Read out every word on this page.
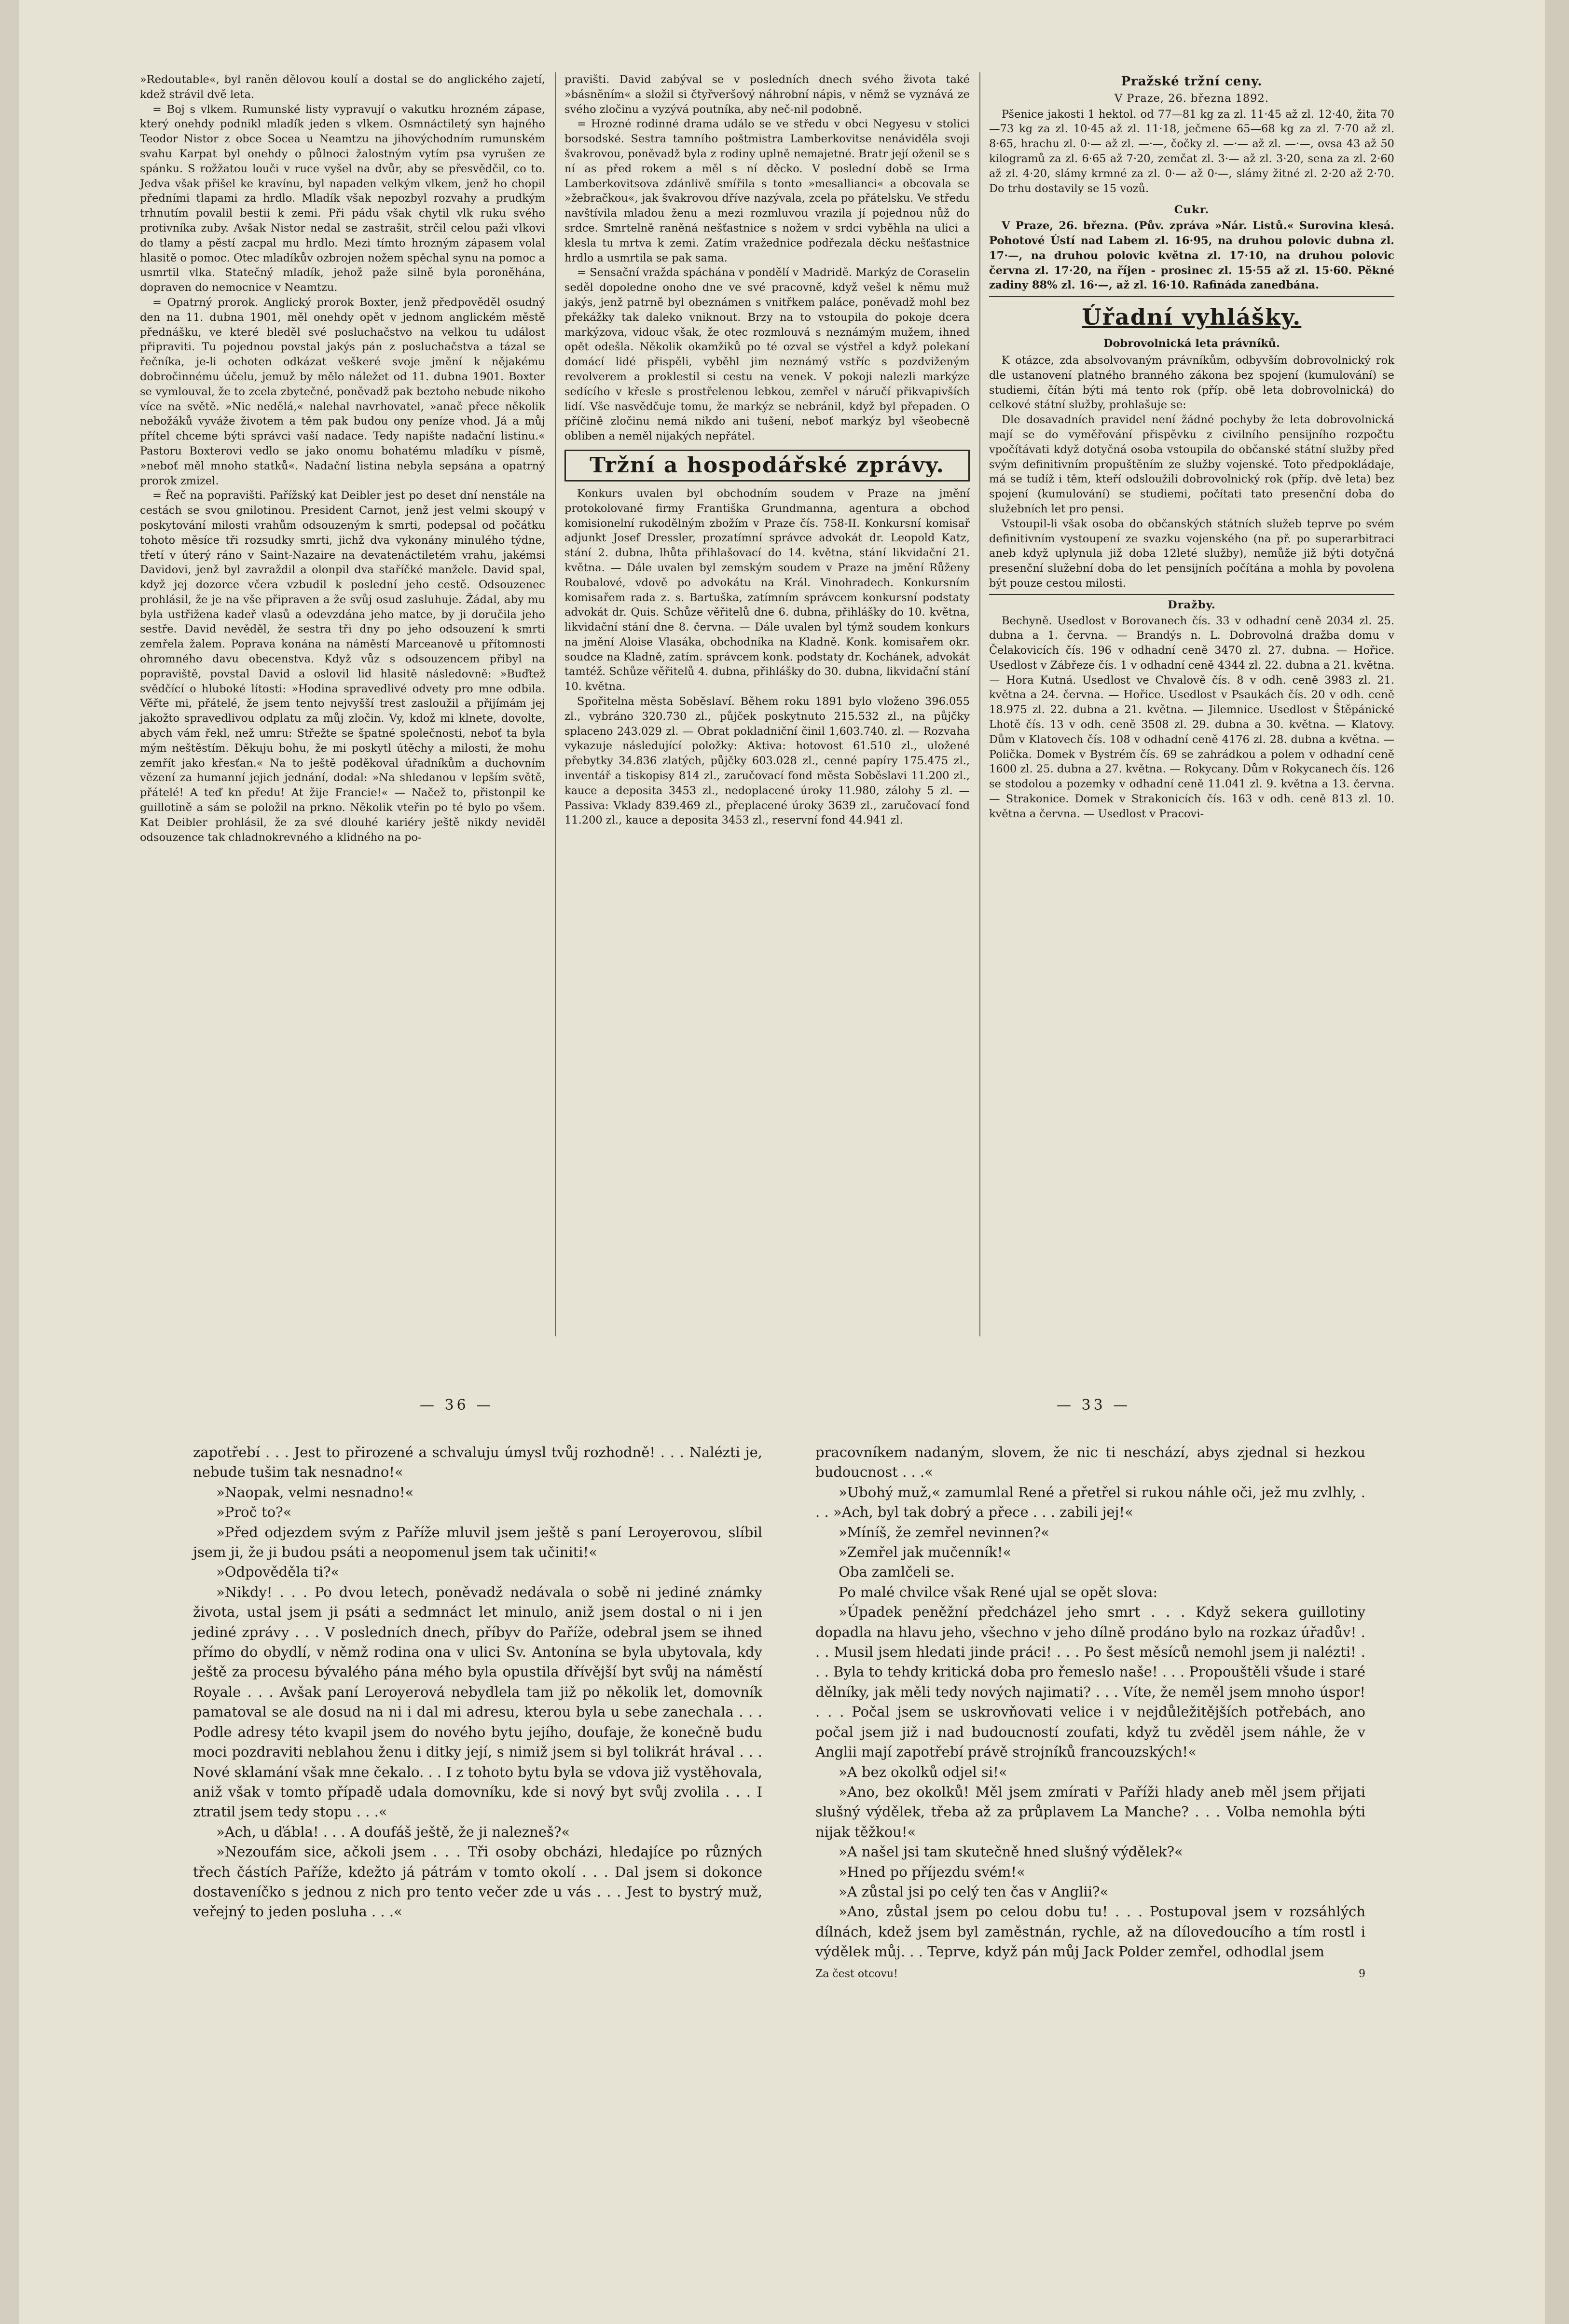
»Redoutable«, byl raněn dělovou koulí a dostal se do anglického zajetí, kdež strávil dvě leta.

= Boj s vlkem. Rumunské listy vypravují o vakutku hrozném zápase, který onehdy podnikl mladík jeden s vlkem. Osmnáctiletý syn hajného Teodor Nistor z obce Socea u Neamtzu na jihovýchodním rumunském svahu Karpat byl onehdy o půlnoci žalostným vytím psa vyrušen ze spánku. S rožžatou louči v ruce vyšel na dvůr, aby se přesvědčil, co to. Jedva však přišel ke kravínu, byl napaden velkým vlkem, jenž ho chopil předními tlapami za hrdlo. Mladík však nepozbyl rozvahy a prudkým trhnutím povalil bestii k zemi. Při pádu však chytil vlk ruku svého protivníka zuby. Avšak Nistor nedal se zastrašit, strčil celou paži vlkovi do tlamy a pěstí zacpal mu hrdlo. Mezi tímto hrozným zápasem volal hlasitě o pomoc. Otec mladíkův ozbrojen nožem spěchal synu na pomoc a usmrtil vlka. Statečný mladík, jehož paže silně byla poroněhána, dopraven do nemocnice v Neamtzu.

= Opatrný prorok. Anglický prorok Boxter, jenž předpověděl osudný den na 11. dubna 1901, měl onehdy opět v jednom anglickém městě přednášku, ve které bleděl své posluchačstvo na velkou tu událost připraviti. Tu pojednou povstal jakýs pán z posluchačstva a tázal se řečníka, je-li ochoten odkázat veškeré svoje jmění k nějakému dobročinnému účelu, jemuž by mělo náležet od 11. dubna 1901. Boxter se vymlouval, že to zcela zbytečné, poněvadž pak beztoho nebude nikoho více na světě. »Nic nedělá,« nalehal navrhovatel, »anač přece několik nebožáků vyváže životem a těm pak budou ony peníze vhod. Já a můj přítel chceme býti správci vaší nadace. Tedy napište nadační listinu.« Pastoru Boxterovi vedlo se jako onomu bohatému mladíku v písmě, »neboť měl mnoho statků«. Nadační listina nebyla sepsána a opatrný prorok zmizel.

= Řeč na popravišti. Pařížský kat Deibler jest po deset dní nenstále na cestách se svou gnilotinou. President Carnot, jenž jest velmi skoupý v poskytování milosti vrahům odsouzeným k smrti, podepsal od počátku tohoto měsíce tři rozsudky smrti, jichž dva vykonány minulého týdne, třetí v úterý ráno v Saint-Nazaire na devatenáctiletém vrahu, jakémsi Davidovi, jenž byl zavraždil a olonpil dva staříčké manžele. David spal, když jej dozorce včera vzbudil k poslední jeho cestě. Odsouzenec prohlásil, že je na vše připraven a že svůj osud zasluhuje. Žádal, aby mu byla ustřižena kadeř vlasů a odevzdána jeho matce, by ji doručila jeho sestře. David nevěděl, že sestra tři dny po jeho odsouzení k smrti zemřela žalem. Poprava konána na náměstí Marceanově u přítomnosti ohromného davu obecenstva. Když vůz s odsouzencem přibyl na popraviště, povstal David a oslovil lid hlasitě následovně: »Buďtež svědčící o hluboké lítosti: »Hodina spravedlivé odvety pro mne odbila. Věřte mi, přátelé, že jsem tento nejvyšší trest zasloužil a přijímám jej jakožto spravedlivou odplatu za můj zločin. Vy, kdož mi klnete, dovolte, abych vám řekl, než umru: Střežte se špatné společnosti, neboť ta byla mým neštěstím. Děkuju bohu, že mi poskytl útěchy a milosti, že mohu zemřít jako křesťan.« Na to ještě poděkoval úřadníkům a duchovním vězení za humanní jejich jednání, dodal: »Na shledanou v lepším světě, přátelé! A teď kn předu! At žije Francie!« — Načež to, přistonpil ke guillotině a sám se položil na prkno. Několik vteřin po té bylo po všem. Kat Deibler prohlásil, že za své dlouhé kariéry ještě nikdy neviděl odsouzence tak chladnokrevného a klidného na po-

pravišti. David zabýval se v posledních dnech svého života také »básněním« a složil si čtyřveršový náhrobní nápis, v němž se vyznává ze svého zločinu a vyzývá poutníka, aby neč-nil podobně.

= Hrozné rodinné drama událo se ve středu v obci Negyesu v stolici borsodské. Sestra tamního poštmistra Lamberkovitse nenáviděla svoji švakrovou, poněvadž byla z rodiny uplně nemajetné. Bratr její oženil se s ní as před rokem a měl s ní děcko. V poslední době se Irma Lamberkovitsova zdánlivě smířila s tonto »mesallianci« a obcovala se »žebračkou«, jak švakrovou dříve nazývala, zcela po přátelsku. Ve středu navštívila mladou ženu a mezi rozmluvou vrazila jí pojednou nůž do srdce. Smrtelně raněná nešťastnice s nožem v srdci vyběhla na ulici a klesla tu mrtva k zemi. Zatím vražednice podřezala děcku nešťastnice hrdlo a usmrtila se pak sama.

= Sensační vražda spáchána v pondělí v Madridě. Markýz de Coraselin seděl dopoledne onoho dne ve své pracovně, když vešel k němu muž jakýs, jenž patrně byl obeznámen s vnitřkem paláce, poněvadž mohl bez překážky tak daleko vniknout. Brzy na to vstoupila do pokoje dcera markýzova, vidouc však, že otec rozmlouvá s neznámým mužem, ihned opět odešla. Několik okamžiků po té ozval se výstřel a když polekaní domácí lidé přispěli, vyběhl jim neznámý vstříc s pozdviženým revolverem a proklestil si cestu na venek. V pokoji nalezli markýze sedícího v křesle s prostřelenou lebkou, zemřel v náručí přikvapivších lidí. Vše nasvědčuje tomu, že markýz se nebránil, když byl přepaden. O příčině zločinu nemá nikdo ani tušení, neboť markýz byl všeobecně obliben a neměl nijakých nepřátel.

Tržní a hospodářské zprávy.

Konkurs uvalen byl obchodním soudem v Praze na jmění protokolované firmy Františka Grundmanna, agentura a obchod komisionelní rukodělným zbožím v Praze čís. 758-II. Konkursní komisař adjunkt Josef Dressler, prozatímní správce advokát dr. Leopold Katz, stání 2. dubna, lhůta přihlašovací do 14. května, stání likvidační 21. května. — Dále uvalen byl zemským soudem v Praze na jmění Růženy Roubalové, vdově po advokátu na Král. Vinohradech. Konkursním komisařem rada z. s. Bartuška, zatímním správcem konkursní podstaty advokát dr. Quis. Schůze věřitelů dne 6. dubna, přihlášky do 10. května, likvidační stání dne 8. června. — Dále uvalen byl týmž soudem konkurs na jmění Aloise Vlasáka, obchodníka na Kladně. Konk. komisařem okr. soudce na Kladně, zatím. správcem konk. podstaty dr. Kochánek, advokát tamtéž. Schůze věřitelů 4. dubna, přihlášky do 30. dubna, likvidační stání 10. května.

Spořitelna města Soběslaví. Během roku 1891 bylo vloženo 396.055 zl., vybráno 320.730 zl., půjček poskytnuto 215.532 zl., na půjčky splaceno 243.029 zl. — Obrat pokladniční činil 1,603.740. zl. — Rozvaha vykazuje následující položky: Aktiva: hotovost 61.510 zl., uložené přebytky 34.836 zlatých, půjčky 603.028 zl., cenné papíry 175.475 zl., inventář a tiskopisy 814 zl., zaručovací fond města Soběslavi 11.200 zl., kauce a deposita 3453 zl., nedoplacené úroky 11.980, zálohy 5 zl. — Passiva: Vklady 839.469 zl., přeplacené úroky 3639 zl., zaručovací fond 11.200 zl., kauce a deposita 3453 zl., reservní fond 44.941 zl.

Pražské tržní ceny.
V Praze, 26. března 1892.

Pšenice jakosti 1 hektol. od 77—81 kg za zl. 11·45 až zl. 12·40, žita 70—73 kg za zl. 10·45 až zl. 11·18, ječmene 65—68 kg za zl. 7·70 až zl. 8·65, hrachu zl. 0·— až zl. —·—, čočky zl. —·— až zl. —·—, ovsa 43 až 50 kilogramů za zl. 6·65 až 7·20, zemčat zl. 3·— až zl. 3·20, sena za zl. 2·60 až zl. 4·20, slámy krmné za zl. 0·— až 0·—, slámy žitné zl. 2·20 až 2·70. Do trhu dostavily se 15 vozů.

Cukr.

V Praze, 26. března. (Pův. zpráva »Nár. Listů.« Surovina klesá. Pohotové Ústí nad Labem zl. 16·95, na druhou polovic dubna zl. 17·—, na druhou polovic května zl. 17·10, na druhou polovic června zl. 17·20, na říjen - prosinec zl. 15·55 až zl. 15·60. Pěkné zadiny 88% zl. 16·—, až zl. 16·10. Rafináda zanedbána.

Úřadní vyhlášky.
Dobrovolnická leta právníků.

K otázce, zda absolvovaným právníkům, odbyvším dobrovolnický rok dle ustanovení platného branného zákona bez spojení (kumulování) se studiemi, čítán býti má tento rok (příp. obě leta dobrovolnická) do celkové státní služby, prohlašuje se:

Dle dosavadních pravidel není žádné pochyby že leta dobrovolnická mají se do vyměřování přispěvku z civilního pensijního rozpočtu vpočítávati když dotyčná osoba vstoupila do občanské státní služby před svým definitivním propuštěním ze služby vojenské. Toto předpokládaje, má se tudíž i těm, kteří odsloužili dobrovolnický rok (příp. dvě leta) bez spojení (kumulování) se studiemi, počítati tato presenční doba do služebních let pro pensi.

Vstoupil-li však osoba do občanských státních služeb teprve po svém definitivním vystoupení ze svazku vojenského (na př. po superarbitraci aneb když uplynula již doba 12leté služby), nemůže již býti dotyčná presenční služební doba do let pensijních počítána a mohla by povolena být pouze cestou milosti.

Dražby.

Bechyně. Usedlost v Borovanech čís. 33 v odhadní ceně 2034 zl. 25. dubna a 1. června. — Brandýs n. L. Dobrovolná dražba domu v Čelakovicích čís. 196 v odhadní ceně 3470 zl. 27. dubna. — Hořice. Usedlost v Zábřeze čís. 1 v odhadní ceně 4344 zl. 22. dubna a 21. května. — Hora Kutná. Usedlost ve Chvalově čís. 8 v odh. ceně 3983 zl. 21. května a 24. června. — Hořice. Usedlost v Psaukách čís. 20 v odh. ceně 18.975 zl. 22. dubna a 21. května. — Jilemnice. Usedlost v Štěpánické Lhotě čís. 13 v odh. ceně 3508 zl. 29. dubna a 30. května. — Klatovy. Dům v Klatovech čís. 108 v odhadní ceně 4176 zl. 28. dubna a května. — Polička. Domek v Bystrém čís. 69 se zahrádkou a polem v odhadní ceně 1600 zl. 25. dubna a 27. května. — Rokycany. Dům v Rokycanech čís. 126 se stodolou a pozemky v odhadní ceně 11.041 zl. 9. května a 13. června. — Strakonice. Domek v Strakonicích čís. 163 v odh. ceně 813 zl. 10. května a června. — Usedlost v Pracovi-

— 36 —	— 33 —

zapotřebí . . . Jest to přirozené a schvaluju úmysl tvůj rozhodně! . . . Nalézti je, nebude tušim tak nesnadno!«

»Naopak, velmi nesnadno!«

»Proč to?«

»Před odjezdem svým z Paříže mluvil jsem ještě s paní Leroyerovou, slíbil jsem ji, že ji budou psáti a neopomenul jsem tak učiniti!«

»Odpověděla ti?«

»Nikdy! . . . Po dvou letech, poněvadž nedávala o sobě ni jediné známky života, ustal jsem ji psáti a sedmnáct let minulo, aniž jsem dostal o ni i jen jediné zprávy . . . V posledních dnech, příbyv do Paříže, odebral jsem se ihned přímo do obydlí, v němž rodina ona v ulici Sv. Antonína se byla ubytovala, kdy ještě za procesu bývalého pána mého byla opustila dřívější byt svůj na náměstí Royale . . . Avšak paní Leroyerová nebydlela tam již po několik let, domovník pamatoval se ale dosud na ni i dal mi adresu, kterou byla u sebe zanechala . . . Podle adresy této kvapil jsem do nového bytu jejího, doufaje, že konečně budu moci pozdraviti neblahou ženu i ditky její, s nimiž jsem si byl tolikrát hrával . . . Nové sklamání však mne čekalo. . . I z tohoto bytu byla se vdova již vystěhovala, aniž však v tomto případě udala domovníku, kde si nový byt svůj zvolila . . . I ztratil jsem tedy stopu . . .«

»Ach, u ďábla! . . . A doufáš ještě, že ji nalezneš?«

»Nezoufám sice, ačkoli jsem . . . Tři osoby obcházi, hledajíce po různých třech částích Paříže, kdežto já pátrám v tomto okolí . . . Dal jsem si dokonce dostaveníčko s jednou z nich pro tento večer zde u vás . . . Jest to bystrý muž, veřejný to jeden posluha . . .«

pracovníkem nadaným, slovem, že nic ti neschází, abys zjednal si hezkou budoucnost . . .«

»Ubohý muž,« zamumlal René a přetřel si rukou náhle oči, jež mu zvlhly, . . . »Ach, byl tak dobrý a přece . . . zabili jej!«

»Míníš, že zemřel nevinnen?«

»Zemřel jak mučenník!«

Oba zamlčeli se.

Po malé chvilce však René ujal se opět slova:

»Úpadek peněžní předcházel jeho smrt . . . Když sekera guillotiny dopadla na hlavu jeho, všechno v jeho dílně prodáno bylo na rozkaz úřadův! . . . Musil jsem hledati jinde práci! . . . Po šest měsíců nemohl jsem ji nalézti! . . . Byla to tehdy kritická doba pro řemeslo naše! . . . Propouštěli všude i staré dělníky, jak měli tedy nových najimati? . . . Víte, že neměl jsem mnoho úspor! . . . Počal jsem se uskrovňovati velice i v nejdůležitějších potřebách, ano počal jsem již i nad budoucností zoufati, když tu zvěděl jsem náhle, že v Anglii mají zapotřebí právě strojníků francouzských!«

»A bez okolků odjel si!«

»Ano, bez okolků! Měl jsem zmírati v Paříži hlady aneb měl jsem přijati slušný výdělek, třeba až za průplavem La Manche? . . . Volba nemohla býti nijak těžkou!«

»A našel jsi tam skutečně hned slušný výdělek?«

»Hned po příjezdu svém!«

»A zůstal jsi po celý ten čas v Anglii?«

»Ano, zůstal jsem po celou dobu tu! . . . Postupoval jsem v rozsáhlých dílnách, kdež jsem byl zaměstnán, rychle, až na dílovedoucího a tím rostl i výdělek můj. . . Teprve, když pán můj Jack Polder zemřel, odhodlal jsem

Za čest otcovu!	9
